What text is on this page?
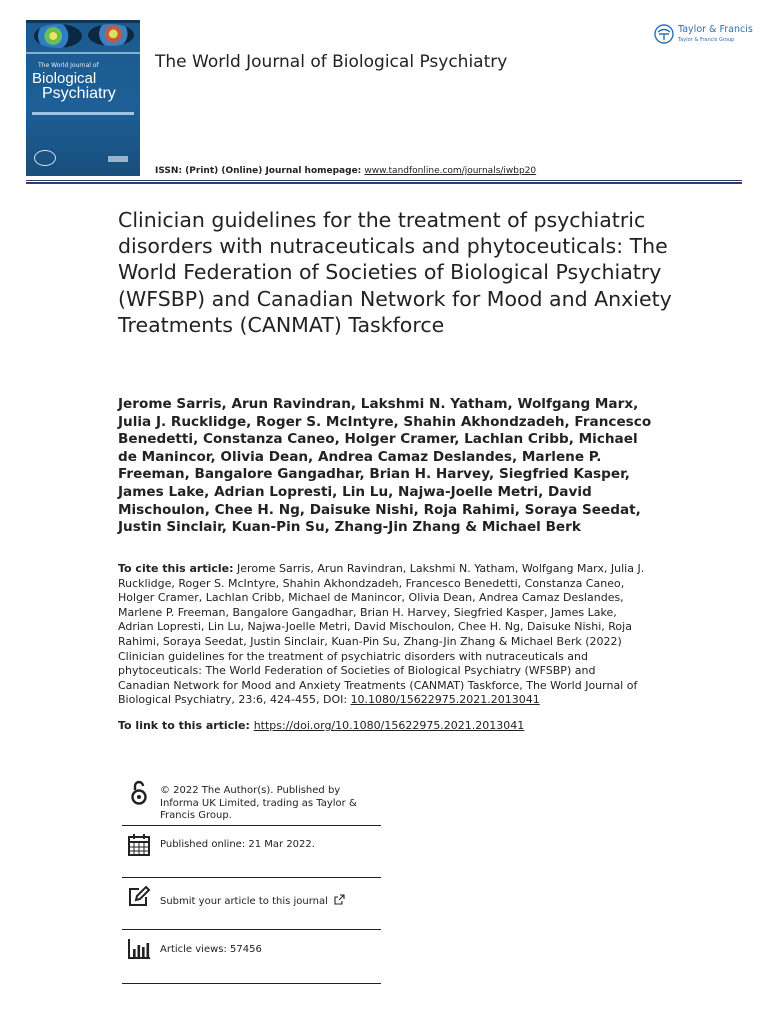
The World Journal of
Biological
Psychiatry
The World Journal of Biological Psychiatry
Taylor & Francis
Taylor & Francis Group
ISSN: (Print) (Online) Journal homepage: www.tandfonline.com/journals/iwbp20
Clinician guidelines for the treatment of psychiatric disorders with nutraceuticals and phytoceuticals: The World Federation of Societies of Biological Psychiatry (WFSBP) and Canadian Network for Mood and Anxiety Treatments (CANMAT) Taskforce
Jerome Sarris, Arun Ravindran, Lakshmi N. Yatham, Wolfgang Marx, Julia J. Rucklidge, Roger S. McIntyre, Shahin Akhondzadeh, Francesco Benedetti, Constanza Caneo, Holger Cramer, Lachlan Cribb, Michael de Manincor, Olivia Dean, Andrea Camaz Deslandes, Marlene P. Freeman, Bangalore Gangadhar, Brian H. Harvey, Siegfried Kasper, James Lake, Adrian Lopresti, Lin Lu, Najwa-Joelle Metri, David Mischoulon, Chee H. Ng, Daisuke Nishi, Roja Rahimi, Soraya Seedat, Justin Sinclair, Kuan-Pin Su, Zhang-Jin Zhang & Michael Berk
To cite this article: Jerome Sarris, Arun Ravindran, Lakshmi N. Yatham, Wolfgang Marx, Julia J. Rucklidge, Roger S. McIntyre, Shahin Akhondzadeh, Francesco Benedetti, Constanza Caneo, Holger Cramer, Lachlan Cribb, Michael de Manincor, Olivia Dean, Andrea Camaz Deslandes, Marlene P. Freeman, Bangalore Gangadhar, Brian H. Harvey, Siegfried Kasper, James Lake, Adrian Lopresti, Lin Lu, Najwa-Joelle Metri, David Mischoulon, Chee H. Ng, Daisuke Nishi, Roja Rahimi, Soraya Seedat, Justin Sinclair, Kuan-Pin Su, Zhang-Jin Zhang & Michael Berk (2022) Clinician guidelines for the treatment of psychiatric disorders with nutraceuticals and phytoceuticals: The World Federation of Societies of Biological Psychiatry (WFSBP) and Canadian Network for Mood and Anxiety Treatments (CANMAT) Taskforce, The World Journal of Biological Psychiatry, 23:6, 424-455, DOI: 10.1080/15622975.2021.2013041
To link to this article: https://doi.org/10.1080/15622975.2021.2013041
© 2022 The Author(s). Published by Informa UK Limited, trading as Taylor & Francis Group.
Published online: 21 Mar 2022.
Submit your article to this journal
Article views: 57456
